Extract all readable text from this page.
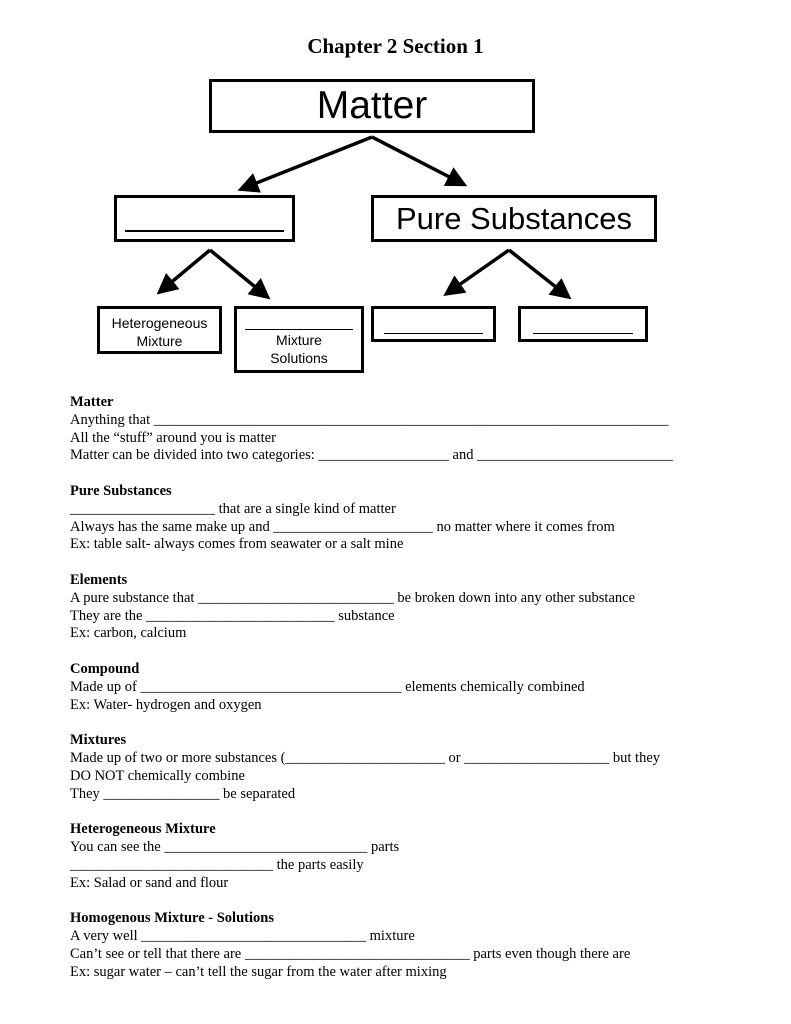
Chapter 2 Section 1
Matter
Pure Substances
Heterogeneous
Mixture	Mixture
Solutions
Matter
Anything that _______________________________________________________________________
All the “stuff” around you is matter
Matter can be divided into two categories: __________________ and ___________________________
Pure Substances
____________________ that are a single kind of matter
Always has the same make up and ______________________ no matter where it comes from
Ex: table salt- always comes from seawater or a salt mine
Elements
A pure substance that ___________________________ be broken down into any other substance
They are the __________________________ substance
Ex: carbon, calcium
Compound
Made up of ____________________________________ elements chemically combined
Ex: Water- hydrogen and oxygen
Mixtures
Made up of two or more substances (______________________ or ____________________ but they
DO NOT chemically combine
They ________________ be separated
Heterogeneous Mixture
You can see the ____________________________ parts
____________________________ the parts easily
Ex: Salad or sand and flour
Homogenous Mixture - Solutions
A very well _______________________________ mixture
Can’t see or tell that there are _______________________________ parts even though there are
Ex: sugar water – can’t tell the sugar from the water after mixing
